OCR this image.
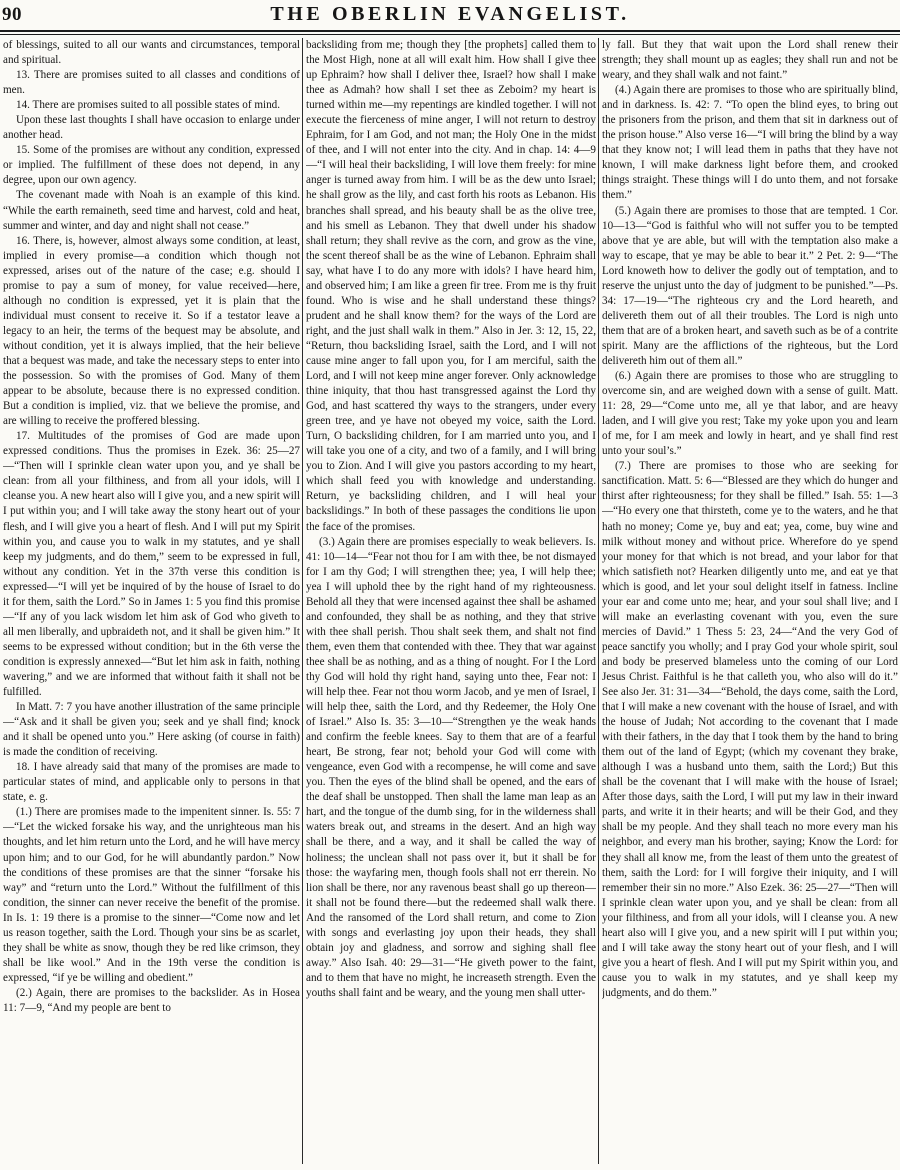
90	THE OBERLIN EVANGELIST.

of blessings, suited to all our wants and circumstances, temporal and spiritual.

13. There are promises suited to all classes and conditions of men.

14. There are promises suited to all possible states of mind.

Upon these last thoughts I shall have occasion to enlarge under another head.

15. Some of the promises are without any condition, expressed or implied. The fulfillment of these does not depend, in any degree, upon our own agency.

The covenant made with Noah is an example of this kind. “While the earth remaineth, seed time and harvest, cold and heat, summer and winter, and day and night shall not cease.”

16. There, is, however, almost always some condition, at least, implied in every promise—a condition which though not expressed, arises out of the nature of the case; e.g. should I promise to pay a sum of money, for value received—here, although no condition is expressed, yet it is plain that the individual must consent to receive it. So if a testator leave a legacy to an heir, the terms of the bequest may be absolute, and without condition, yet it is always implied, that the heir believe that a bequest was made, and take the necessary steps to enter into the possession. So with the promises of God. Many of them appear to be absolute, because there is no expressed condition. But a condition is implied, viz. that we believe the promise, and are willing to receive the proffered blessing.

17. Multitudes of the promises of God are made upon expressed conditions. Thus the promises in Ezek. 36: 25—27—“Then will I sprinkle clean water upon you, and ye shall be clean: from all your filthiness, and from all your idols, will I cleanse you. A new heart also will I give you, and a new spirit will I put within you; and I will take away the stony heart out of your flesh, and I will give you a heart of flesh. And I will put my Spirit within you, and cause you to walk in my statutes, and ye shall keep my judgments, and do them,” seem to be expressed in full, without any condition. Yet in the 37th verse this condition is expressed—“I will yet be inquired of by the house of Israel to do it for them, saith the Lord.” So in James 1: 5 you find this promise—“If any of you lack wisdom let him ask of God who giveth to all men liberally, and upbraideth not, and it shall be given him.” It seems to be expressed without condition; but in the 6th verse the condition is expressly annexed—“But let him ask in faith, nothing wavering,” and we are informed that without faith it shall not be fulfilled.

In Matt. 7: 7 you have another illustration of the same principle—“Ask and it shall be given you; seek and ye shall find; knock and it shall be opened unto you.” Here asking (of course in faith) is made the condition of receiving.

18. I have already said that many of the promises are made to particular states of mind, and applicable only to persons in that state, e. g.

(1.) There are promises made to the impenitent sinner. Is. 55: 7—“Let the wicked forsake his way, and the unrighteous man his thoughts, and let him return unto the Lord, and he will have mercy upon him; and to our God, for he will abundantly pardon.” Now the conditions of these promises are that the sinner “forsake his way” and “return unto the Lord.” Without the fulfillment of this condition, the sinner can never receive the benefit of the promise. In Is. 1: 19 there is a promise to the sinner—“Come now and let us reason together, saith the Lord. Though your sins be as scarlet, they shall be white as snow, though they be red like crimson, they shall be like wool.” And in the 19th verse the condition is expressed, “if ye be willing and obedient.”

(2.) Again, there are promises to the backslider. As in Hosea 11: 7—9, “And my people are bent to

backsliding from me; though they [the prophets] called them to the Most High, none at all will exalt him. How shall I give thee up Ephraim? how shall I deliver thee, Israel? how shall I make thee as Admah? how shall I set thee as Zeboim? my heart is turned within me—my repentings are kindled together. I will not execute the fierceness of mine anger, I will not return to destroy Ephraim, for I am God, and not man; the Holy One in the midst of thee, and I will not enter into the city. And in chap. 14: 4—9—“I will heal their backsliding, I will love them freely: for mine anger is turned away from him. I will be as the dew unto Israel; he shall grow as the lily, and cast forth his roots as Lebanon. His branches shall spread, and his beauty shall be as the olive tree, and his smell as Lebanon. They that dwell under his shadow shall return; they shall revive as the corn, and grow as the vine, the scent thereof shall be as the wine of Lebanon. Ephraim shall say, what have I to do any more with idols? I have heard him, and observed him; I am like a green fir tree. From me is thy fruit found. Who is wise and he shall understand these things? prudent and he shall know them? for the ways of the Lord are right, and the just shall walk in them.” Also in Jer. 3: 12, 15, 22, “Return, thou backsliding Israel, saith the Lord, and I will not cause mine anger to fall upon you, for I am merciful, saith the Lord, and I will not keep mine anger forever. Only acknowledge thine iniquity, that thou hast transgressed against the Lord thy God, and hast scattered thy ways to the strangers, under every green tree, and ye have not obeyed my voice, saith the Lord. Turn, O backsliding children, for I am married unto you, and I will take you one of a city, and two of a family, and I will bring you to Zion. And I will give you pastors according to my heart, which shall feed you with knowledge and understanding. Return, ye backsliding children, and I will heal your backslidings.” In both of these passages the conditions lie upon the face of the promises.

(3.) Again there are promises especially to weak believers. Is. 41: 10—14—“Fear not thou for I am with thee, be not dismayed for I am thy God; I will strengthen thee; yea, I will help thee; yea I will uphold thee by the right hand of my righteousness. Behold all they that were incensed against thee shall be ashamed and confounded, they shall be as nothing, and they that strive with thee shall perish. Thou shalt seek them, and shalt not find them, even them that contended with thee. They that war against thee shall be as nothing, and as a thing of nought. For I the Lord thy God will hold thy right hand, saying unto thee, Fear not: I will help thee. Fear not thou worm Jacob, and ye men of Israel, I will help thee, saith the Lord, and thy Redeemer, the Holy One of Israel.” Also Is. 35: 3—10—“Strengthen ye the weak hands and confirm the feeble knees. Say to them that are of a fearful heart, Be strong, fear not; behold your God will come with vengeance, even God with a recompense, he will come and save you. Then the eyes of the blind shall be opened, and the ears of the deaf shall be unstopped. Then shall the lame man leap as an hart, and the tongue of the dumb sing, for in the wilderness shall waters break out, and streams in the desert. And an high way shall be there, and a way, and it shall be called the way of holiness; the unclean shall not pass over it, but it shall be for those: the wayfaring men, though fools shall not err therein. No lion shall be there, nor any ravenous beast shall go up thereon—it shall not be found there—but the redeemed shall walk there. And the ransomed of the Lord shall return, and come to Zion with songs and everlasting joy upon their heads, they shall obtain joy and gladness, and sorrow and sighing shall flee away.” Also Isah. 40: 29—31—“He giveth power to the faint, and to them that have no might, he increaseth strength. Even the youths shall faint and be weary, and the young men shall utter-

ly fall. But they that wait upon the Lord shall renew their strength; they shall mount up as eagles; they shall run and not be weary, and they shall walk and not faint.”

(4.) Again there are promises to those who are spiritually blind, and in darkness. Is. 42: 7. “To open the blind eyes, to bring out the prisoners from the prison, and them that sit in darkness out of the prison house.” Also verse 16—“I will bring the blind by a way that they know not; I will lead them in paths that they have not known, I will make darkness light before them, and crooked things straight. These things will I do unto them, and not forsake them.”

(5.) Again there are promises to those that are tempted. 1 Cor. 10—13—“God is faithful who will not suffer you to be tempted above that ye are able, but will with the temptation also make a way to escape, that ye may be able to bear it.” 2 Pet. 2: 9—“The Lord knoweth how to deliver the godly out of temptation, and to reserve the unjust unto the day of judgment to be punished.”—Ps. 34: 17—19—“The righteous cry and the Lord heareth, and delivereth them out of all their troubles. The Lord is nigh unto them that are of a broken heart, and saveth such as be of a contrite spirit. Many are the afflictions of the righteous, but the Lord delivereth him out of them all.”

(6.) Again there are promises to those who are struggling to overcome sin, and are weighed down with a sense of guilt. Matt. 11: 28, 29—“Come unto me, all ye that labor, and are heavy laden, and I will give you rest; Take my yoke upon you and learn of me, for I am meek and lowly in heart, and ye shall find rest unto your soul’s.”

(7.) There are promises to those who are seeking for sanctification. Matt. 5: 6—“Blessed are they which do hunger and thirst after righteousness; for they shall be filled.” Isah. 55: 1—3—“Ho every one that thirsteth, come ye to the waters, and he that hath no money; Come ye, buy and eat; yea, come, buy wine and milk without money and without price. Wherefore do ye spend your money for that which is not bread, and your labor for that which satisfieth not? Hearken diligently unto me, and eat ye that which is good, and let your soul delight itself in fatness. Incline your ear and come unto me; hear, and your soul shall live; and I will make an everlasting covenant with you, even the sure mercies of David.” 1 Thess 5: 23, 24—“And the very God of peace sanctify you wholly; and I pray God your whole spirit, soul and body be preserved blameless unto the coming of our Lord Jesus Christ. Faithful is he that calleth you, who also will do it.” See also Jer. 31: 31—34—“Behold, the days come, saith the Lord, that I will make a new covenant with the house of Israel, and with the house of Judah; Not according to the covenant that I made with their fathers, in the day that I took them by the hand to bring them out of the land of Egypt; (which my covenant they brake, although I was a husband unto them, saith the Lord;) But this shall be the covenant that I will make with the house of Israel; After those days, saith the Lord, I will put my law in their inward parts, and write it in their hearts; and will be their God, and they shall be my people. And they shall teach no more every man his neighbor, and every man his brother, saying; Know the Lord: for they shall all know me, from the least of them unto the greatest of them, saith the Lord: for I will forgive their iniquity, and I will remember their sin no more.” Also Ezek. 36: 25—27—“Then will I sprinkle clean water upon you, and ye shall be clean: from all your filthiness, and from all your idols, will I cleanse you. A new heart also will I give you, and a new spirit will I put within you; and I will take away the stony heart out of your flesh, and I will give you a heart of flesh. And I will put my Spirit within you, and cause you to walk in my statutes, and ye shall keep my judgments, and do them.”
